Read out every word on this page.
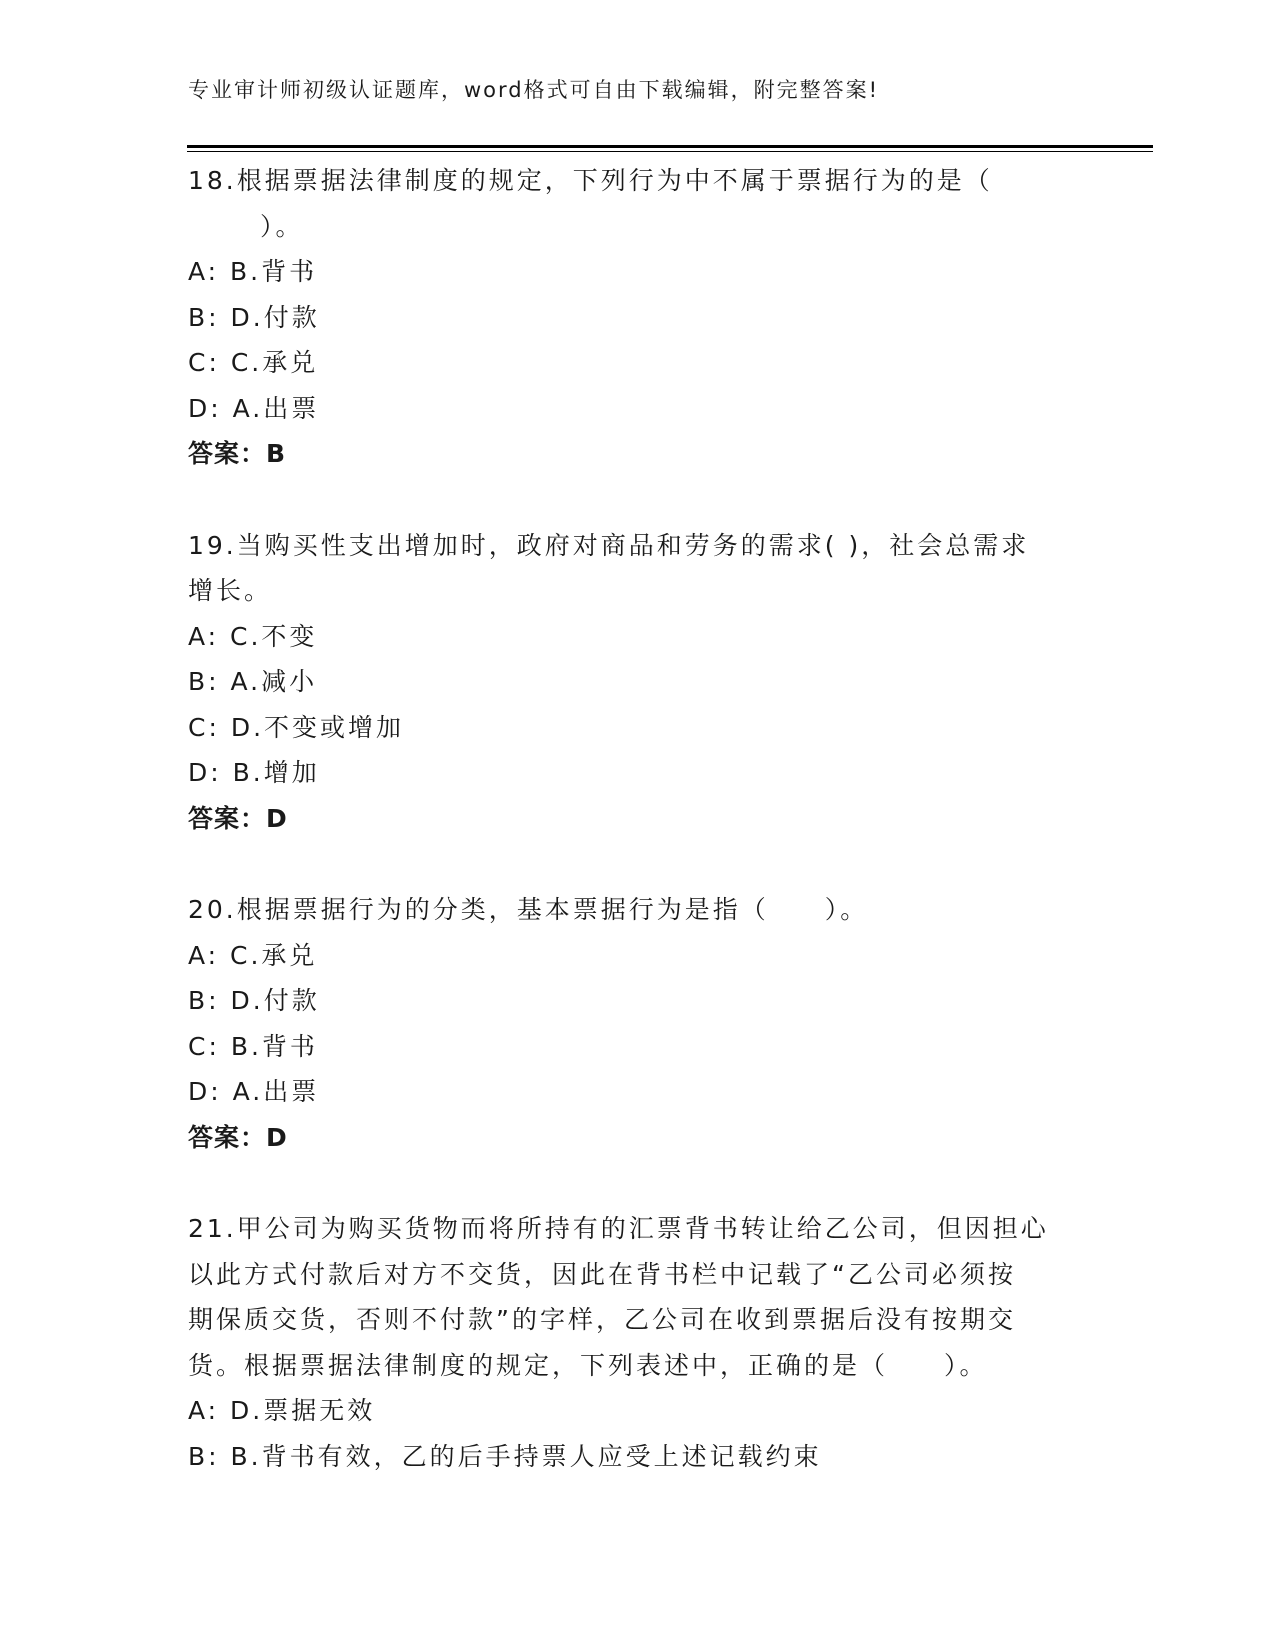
专业审计师初级认证题库，word格式可自由下载编辑，附完整答案!
18.根据票据法律制度的规定，下列行为中不属于票据行为的是（
）。
A: B.背书
B: D.付款
C: C.承兑
D: A.出票
答案：B
19.当购买性支出增加时，政府对商品和劳务的需求( )，社会总需求
增长。
A: C.不变
B: A.减小
C: D.不变或增加
D: B.增加
答案：D
20.根据票据行为的分类，基本票据行为是指（　　）。
A: C.承兑
B: D.付款
C: B.背书
D: A.出票
答案：D
21.甲公司为购买货物而将所持有的汇票背书转让给乙公司，但因担心
以此方式付款后对方不交货，因此在背书栏中记载了“乙公司必须按
期保质交货，否则不付款”的字样，乙公司在收到票据后没有按期交
货。根据票据法律制度的规定，下列表述中，正确的是（　　）。
A: D.票据无效
B: B.背书有效，乙的后手持票人应受上述记载约束
